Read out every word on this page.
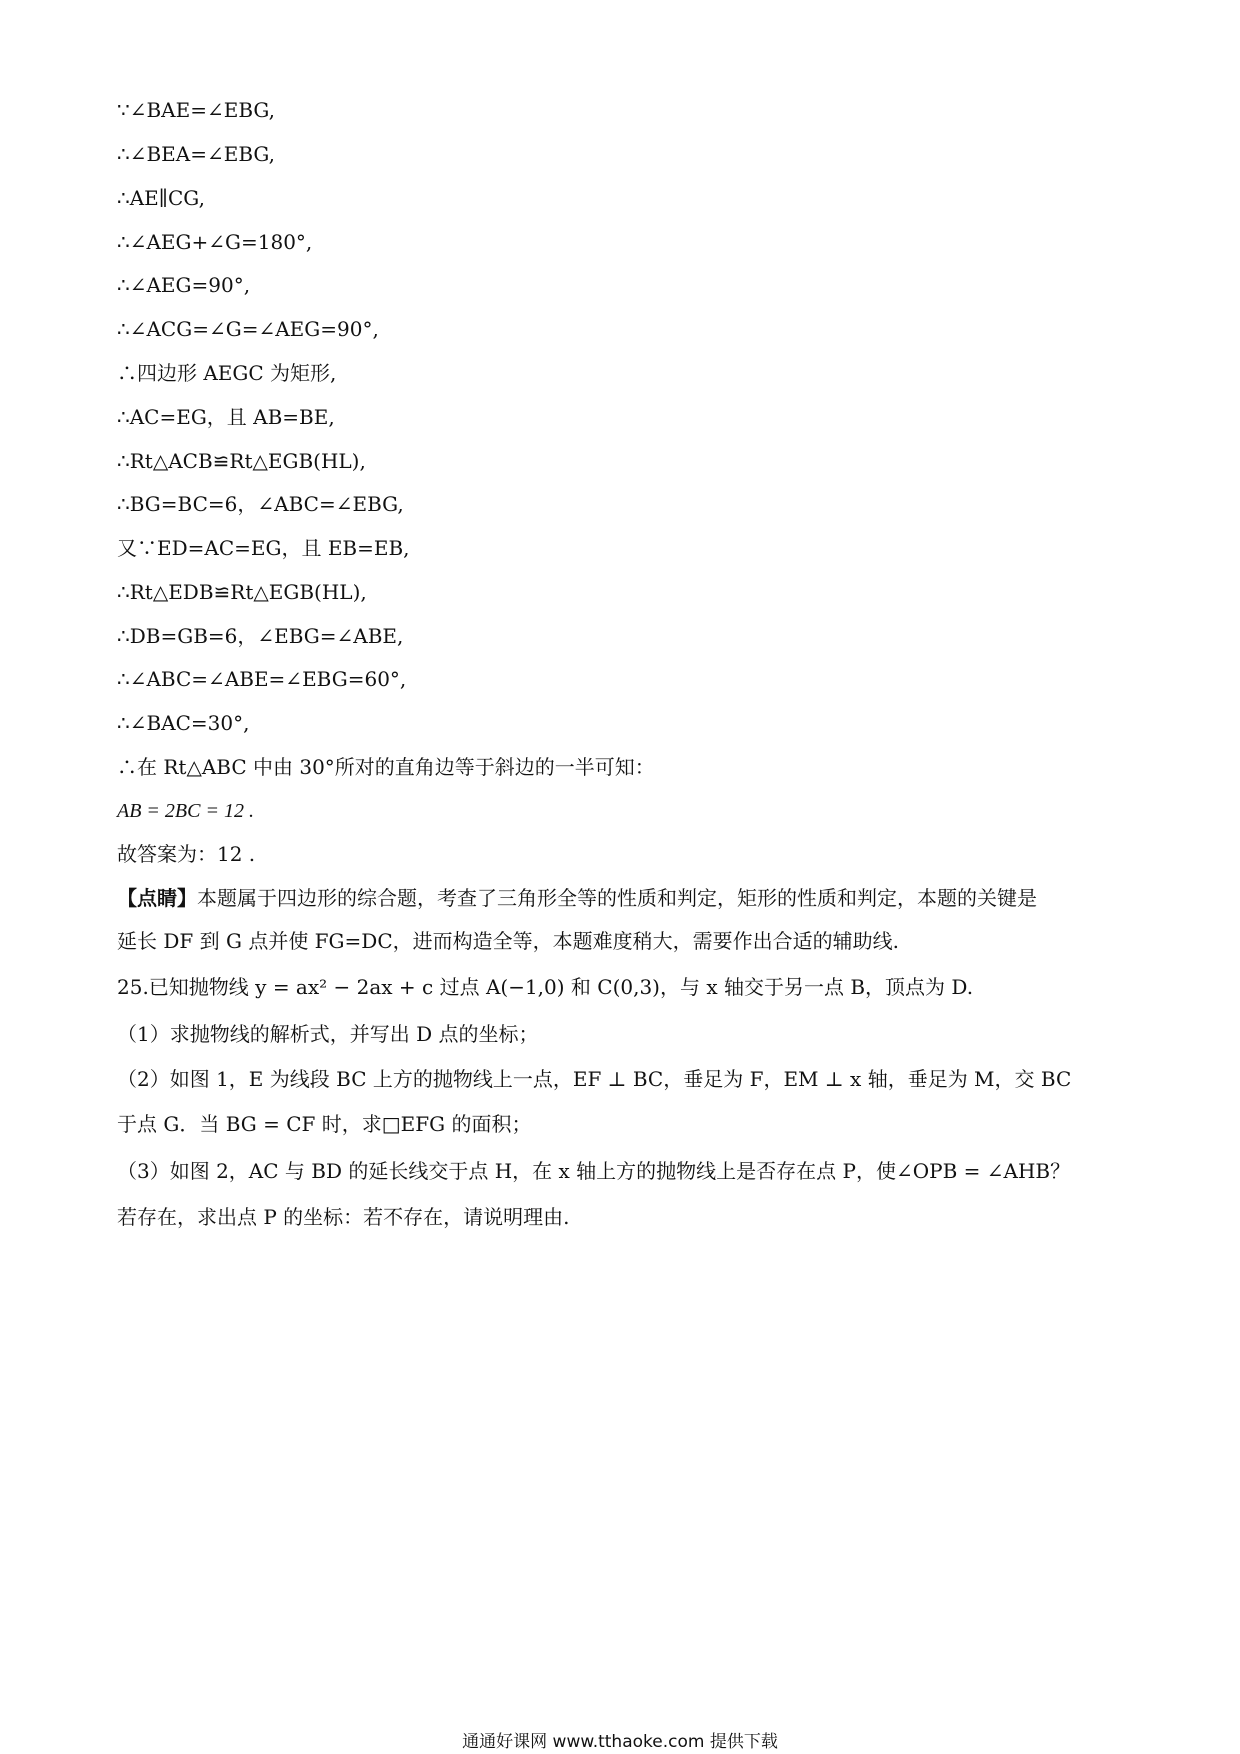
∵∠BAE=∠EBG,
∴∠BEA=∠EBG,
∴AE∥CG,
∴∠AEG+∠G=180°,
∴∠AEG=90°,
∴∠ACG=∠G=∠AEG=90°,
∴四边形 AEGC 为矩形,
∴AC=EG，且 AB=BE,
∴Rt△ACB≌Rt△EGB(HL),
∴BG=BC=6，∠ABC=∠EBG,
又∵ED=AC=EG，且 EB=EB,
∴Rt△EDB≌Rt△EGB(HL),
∴DB=GB=6，∠EBG=∠ABE,
∴∠ABC=∠ABE=∠EBG=60°,
∴∠BAC=30°,
∴在 Rt△ABC 中由 30°所对的直角边等于斜边的一半可知：
AB = 2BC = 12 .
故答案为：12 .
【点睛】本题属于四边形的综合题，考查了三角形全等的性质和判定，矩形的性质和判定，本题的关键是
延长 DF 到 G 点并使 FG=DC，进而构造全等，本题难度稍大，需要作出合适的辅助线.
25.已知抛物线 y = ax² − 2ax + c 过点 A(−1,0) 和 C(0,3)，与 x 轴交于另一点 B，顶点为 D.
（1）求抛物线的解析式，并写出 D 点的坐标；
（2）如图 1，E 为线段 BC 上方的抛物线上一点，EF ⊥ BC，垂足为 F，EM ⊥ x 轴，垂足为 M，交 BC
于点 G．当 BG = CF 时，求□EFG 的面积；
（3）如图 2，AC 与 BD 的延长线交于点 H，在 x 轴上方的抛物线上是否存在点 P，使∠OPB = ∠AHB？
若存在，求出点 P 的坐标：若不存在，请说明理由.
通通好课网 www.tthaoke.com 提供下载
